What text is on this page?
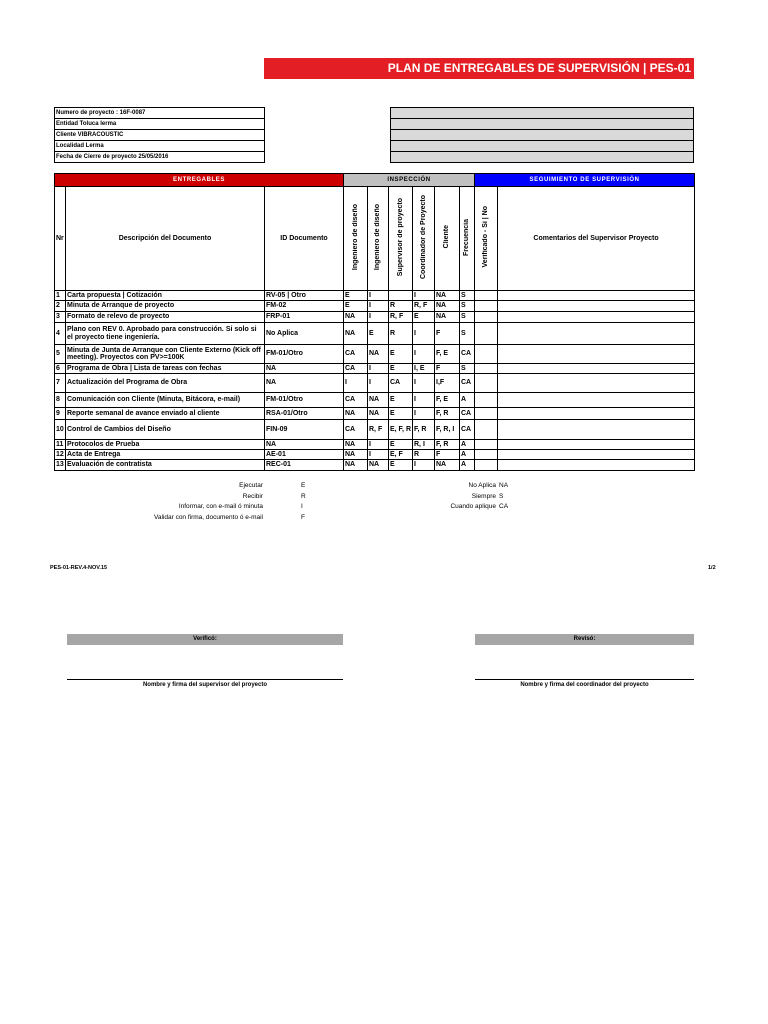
PLAN DE ENTREGABLES DE SUPERVISIÓN | PES-01
Numero de proyecto : 16F-0087
Entidad Toluca lerma
Cliente VIBRACOUSTIC
Localidad Lerma
Fecha de Cierre de proyecto 25/05/2016
ENTREGABLES			INSPECCIÓN						SEGUIMIENTO DE SUPERVISIÓN	
Nr	Descripción del Documento	ID Documento	Ingeniero de diseño	Ingeniero de diseño	Supervisor de proyecto	Coordinador de Proyecto	Cliente	Frecuencia	Verificado - Si | No	Comentarios del Supervisor Proyecto
1	Carta propuesta | Cotización	RV-05 | Otro	E	I		I	NA	S		
2	Minuta de Arranque de proyecto	FM-02	E	I	R	R, F	NA	S		
3	Formato de relevo de proyecto	FRP-01	NA	I	R, F	E	NA	S		
4	Plano con REV 0. Aprobado para construcción. Si solo si el proyecto tiene ingeniería.	No Aplica	NA	E	R	I	F	S		
5	Minuta de Junta de Arranque con Cliente Externo (Kick off meeting). Proyectos con PV>=100K	FM-01/Otro	CA	NA	E	I	F, E	CA		
6	Programa de Obra | Lista de tareas con fechas	NA	CA	I	E	I, E	F	S		
7	Actualización del Programa de Obra	NA	I	I	CA	I	I,F	CA		
8	Comunicación con Cliente (Minuta, Bitácora, e-mail)	FM-01/Otro	CA	NA	E	I	F, E	A		
9	Reporte semanal de avance enviado al cliente	RSA-01/Otro	NA	NA	E	I	F, R	CA		
10	Control de Cambios del Diseño	FIN-09	CA	R, F	E, F, R	F, R	F, R, I	CA		
11	Protocolos de Prueba	NA	NA	I	E	R, I	F, R	A		
12	Acta de Entrega	AE-01	NA	I	E, F	R	F	A		
13	Evaluación de contratista	REC-01	NA	NA	E	I	NA	A		
Ejecutar	E
Recibir	R
Informar, con e-mail ó minuta	I
Validar con firma, documento ó e-mail	F
No Aplica NA
Siempre S
Cuando aplique CA
PES-01-REV.4-NOV.15	1/2
Verificó:
Nombre y firma del supervisor del proyecto
Revisó:
Nombre y firma del coordinador del proyecto
